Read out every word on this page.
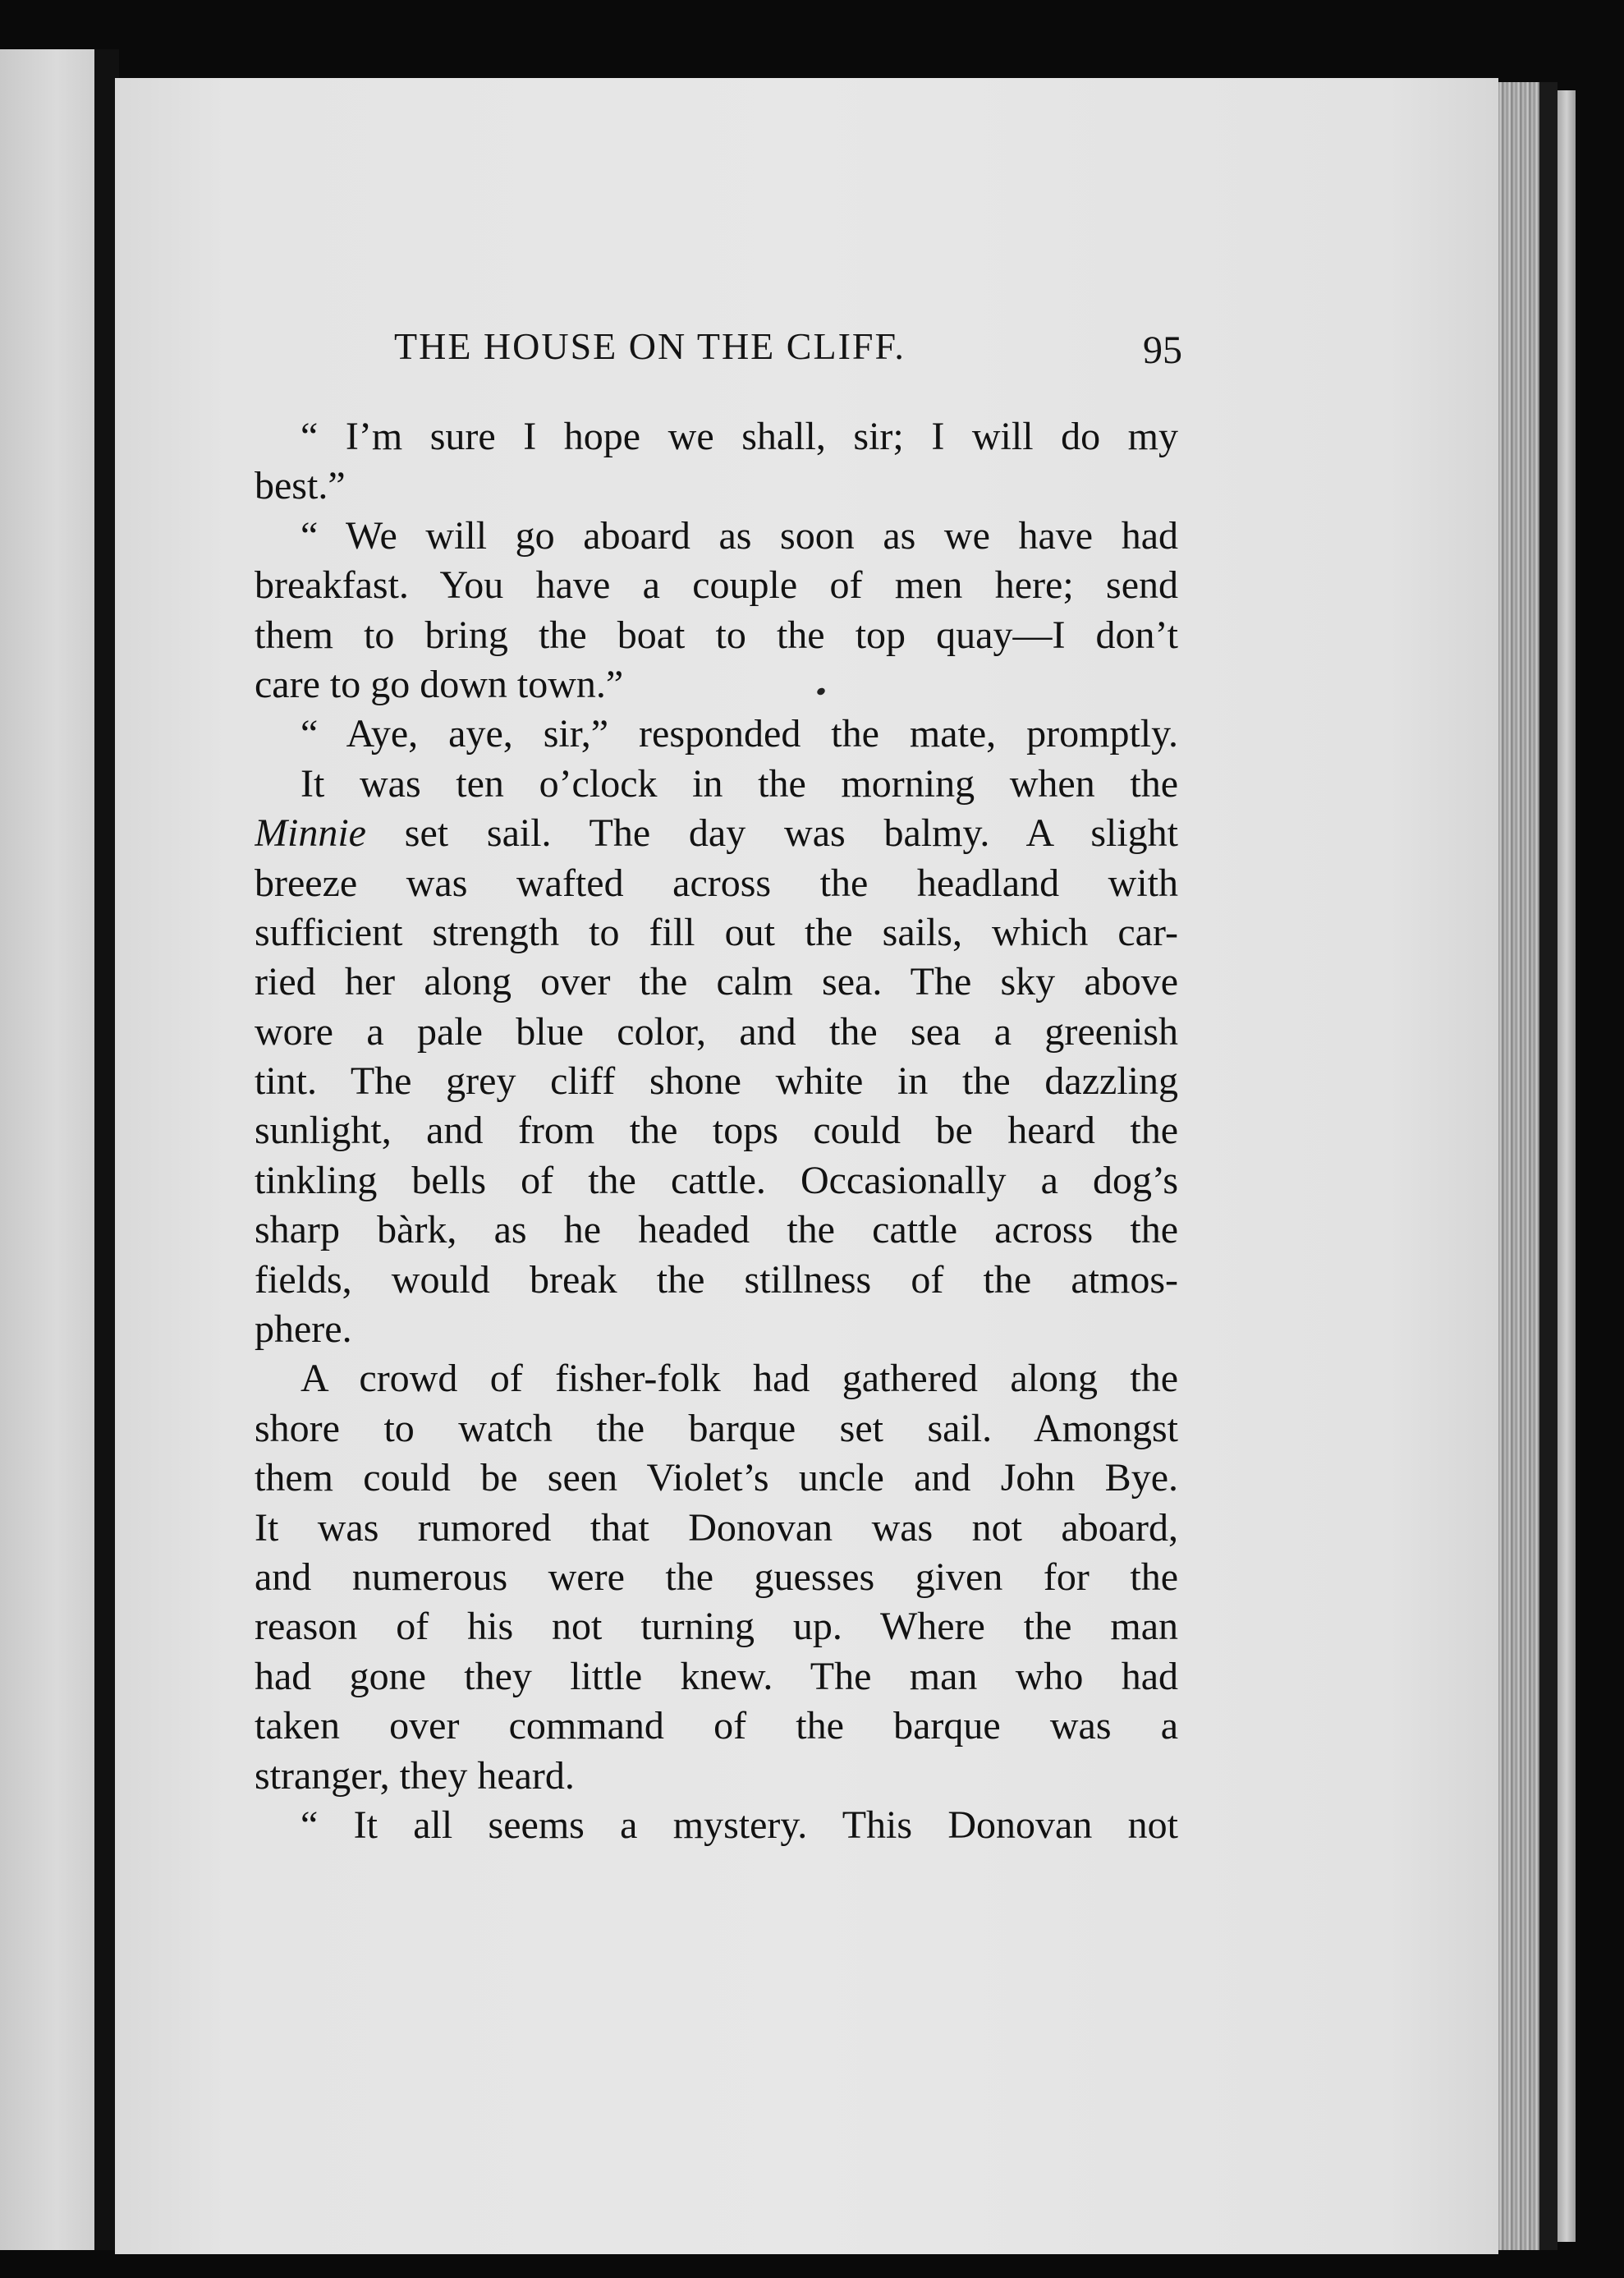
THE HOUSE ON THE CLIFF.	95
“ I’m sure I hope we shall, sir; I will do my
best.”
“ We will go aboard as soon as we have had
breakfast. You have a couple of men here; send
them to bring the boat to the top quay—I don’t
care to go down town.”
“ Aye, aye, sir,” responded the mate, promptly.
It was ten o’clock in the morning when the
Minnie set sail. The day was balmy. A slight
breeze was wafted across the headland with
sufficient strength to fill out the sails, which car-
ried her along over the calm sea. The sky above
wore a pale blue color, and the sea a greenish
tint. The grey cliff shone white in the dazzling
sunlight, and from the tops could be heard the
tinkling bells of the cattle. Occasionally a dog’s
sharp bàrk, as he headed the cattle across the
fields, would break the stillness of the atmos-
phere.
A crowd of fisher-folk had gathered along the
shore to watch the barque set sail. Amongst
them could be seen Violet’s uncle and John Bye.
It was rumored that Donovan was not aboard,
and numerous were the guesses given for the
reason of his not turning up. Where the man
had gone they little knew. The man who had
taken over command of the barque was a
stranger, they heard.
“ It all seems a mystery. This Donovan not
